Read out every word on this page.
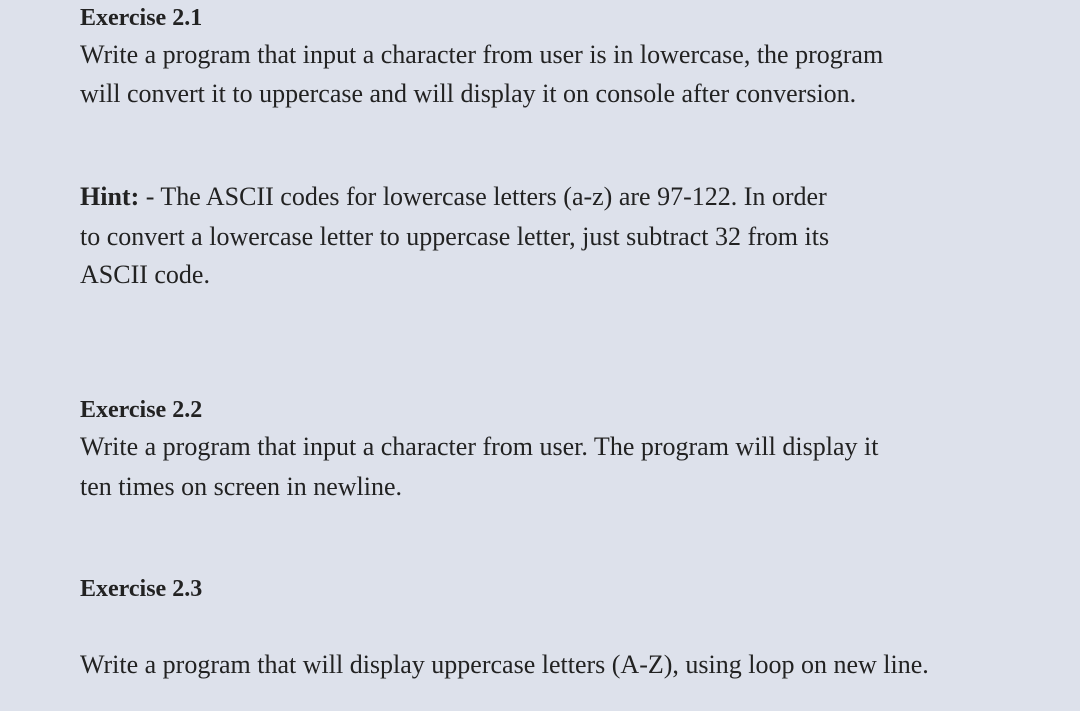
Exercise 2.1
Write a program that input a character from user is in lowercase, the program
will convert it to uppercase and will display it on console after conversion.
Hint: - The ASCII codes for lowercase letters (a-z) are 97-122. In order
to convert a lowercase letter to uppercase letter, just subtract 32 from its
ASCII code.
Exercise 2.2
Write a program that input a character from user. The program will display it
ten times on screen in newline.
Exercise 2.3
Write a program that will display uppercase letters (A-Z), using loop on new line.
